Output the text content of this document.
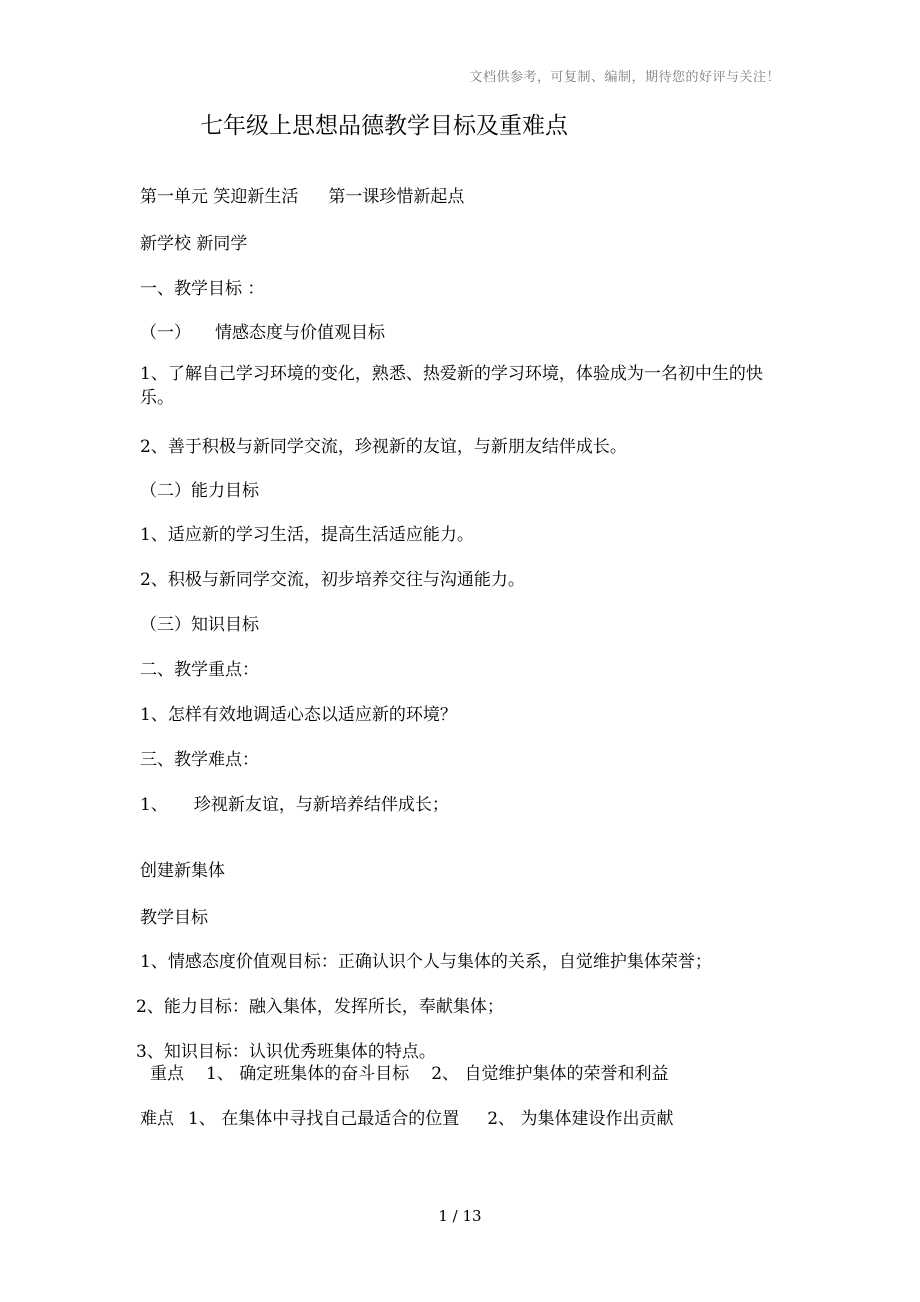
文档供参考，可复制、编制，期待您的好评与关注！
七年级上思想品德教学目标及重难点
第一单元 笑迎新生活 第一课珍惜新起点
新学校 新同学
一、教学目标 ：
（一） 情感态度与价值观目标
1、了解自己学习环境的变化，熟悉、热爱新的学习环境，体验成为一名初中生的快乐。
2、善于积极与新同学交流，珍视新的友谊，与新朋友结伴成长。
（二）能力目标
1、适应新的学习生活，提高生活适应能力。
2、积极与新同学交流，初步培养交往与沟通能力。
（三）知识目标
二、教学重点：
1、怎样有效地调适心态以适应新的环境？
三、教学难点：
1、 珍视新友谊，与新培养结伴成长；
创建新集体
教学目标
1、情感态度价值观目标：正确认识个人与集体的关系，自觉维护集体荣誉；
2、能力目标：融入集体，发挥所长，奉献集体；
3、知识目标：认识优秀班集体的特点。
重点 1、 确定班集体的奋斗目标 2、 自觉维护集体的荣誉和利益
难点 1、 在集体中寻找自己最适合的位置 2、 为集体建设作出贡献
1 / 13
